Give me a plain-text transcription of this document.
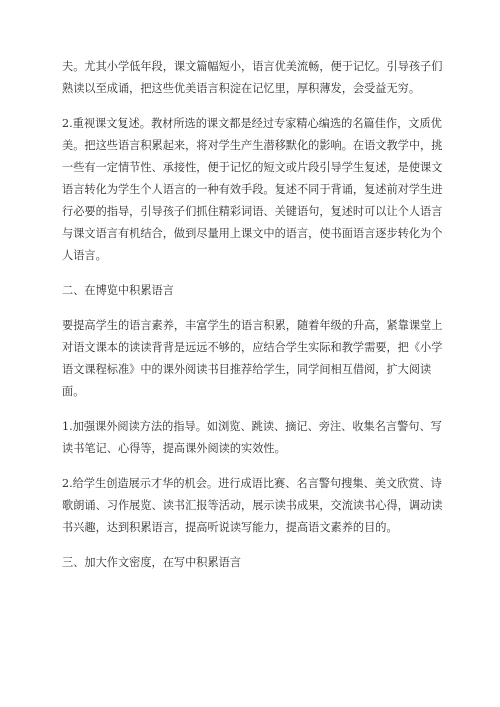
夫。尤其小学低年段，课文篇幅短小，语言优美流畅，便于记忆。引导孩子们
熟读以至成诵，把这些优美语言积淀在记忆里，厚积薄发，会受益无穷。

2.重视课文复述。教材所选的课文都是经过专家精心编选的名篇佳作，文质优
美。把这些语言积累起来，将对学生产生潜移默化的影响。在语文教学中，挑
一些有一定情节性、承接性，便于记忆的短文或片段引导学生复述，是使课文
语言转化为学生个人语言的一种有效手段。复述不同于背诵，复述前对学生进
行必要的指导，引导孩子们抓住精彩词语、关键语句，复述时可以让个人语言
与课文语言有机结合，做到尽量用上课文中的语言，使书面语言逐步转化为个
人语言。

二、在博览中积累语言

要提高学生的语言素养，丰富学生的语言积累，随着年级的升高，紧靠课堂上
对语文课本的读读背背是远远不够的，应结合学生实际和教学需要，把《小学
语文课程标准》中的课外阅读书目推荐给学生，同学间相互借阅，扩大阅读
面。

1.加强课外阅读方法的指导。如浏览、跳读、摘记、旁注、收集名言警句、写
读书笔记、心得等，提高课外阅读的实效性。

2.给学生创造展示才华的机会。进行成语比赛、名言警句搜集、美文欣赏、诗
歌朗诵、习作展览、读书汇报等活动，展示读书成果，交流读书心得，调动读
书兴趣，达到积累语言，提高听说读写能力，提高语文素养的目的。

三、加大作文密度，在写中积累语言
